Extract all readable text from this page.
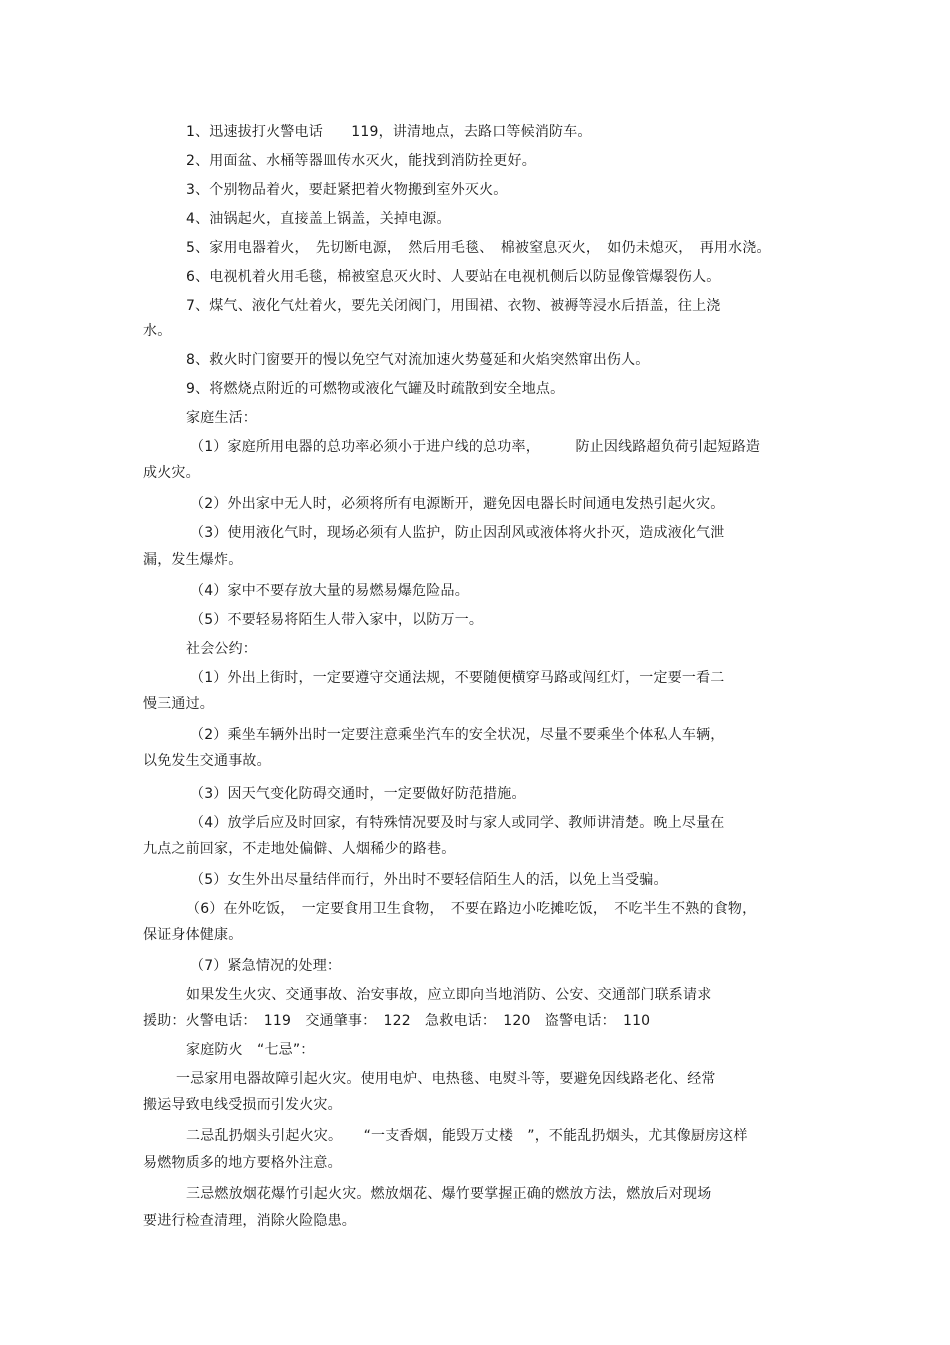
1、迅速拔打火警电话　　119，讲清地点，去路口等候消防车。
2、用面盆、水桶等器皿传水灭火，能找到消防拴更好。
3、个别物品着火，要赶紧把着火物搬到室外灭火。
4、油锅起火，直接盖上锅盖，关掉电源。
5、家用电器着火，　先切断电源，　然后用毛毯、　棉被窒息灭火，　如仍未熄灭，　再用水浇。
6、电视机着火用毛毯，棉被窒息灭火时、人要站在电视机侧后以防显像管爆裂伤人。
7、煤气、液化气灶着火，要先关闭阀门，用围裙、衣物、被褥等浸水后捂盖，往上浇
水。
8、救火时门窗要开的慢以免空气对流加速火势蔓延和火焰突然窜出伤人。
9、将燃烧点附近的可燃物或液化气罐及时疏散到安全地点。
家庭生活：
（1）家庭所用电器的总功率必须小于进户线的总功率，　　　防止因线路超负荷引起短路造
成火灾。
（2）外出家中无人时，必须将所有电源断开，避免因电器长时间通电发热引起火灾。
（3）使用液化气时，现场必须有人监护，防止因刮风或液体将火扑灭，造成液化气泄
漏，发生爆炸。
（4）家中不要存放大量的易燃易爆危险品。
（5）不要轻易将陌生人带入家中，以防万一。
社会公约：
（1）外出上街时，一定要遵守交通法规，不要随便横穿马路或闯红灯，一定要一看二
慢三通过。
（2）乘坐车辆外出时一定要注意乘坐汽车的安全状况，尽量不要乘坐个体私人车辆，
以免发生交通事故。
（3）因天气变化防碍交通时，一定要做好防范措施。
（4）放学后应及时回家，有特殊情况要及时与家人或同学、教师讲清楚。晚上尽量在
九点之前回家，不走地处偏僻、人烟稀少的路巷。
（5）女生外出尽量结伴而行，外出时不要轻信陌生人的活，以免上当受骗。
（6）在外吃饭，　一定要食用卫生食物，　不要在路边小吃摊吃饭，　不吃半生不熟的食物，
保证身体健康。
（7）紧急情况的处理：
如果发生火灾、交通事故、治安事故，应立即向当地消防、公安、交通部门联系请求
援助：火警电话：　119　交通肇事：　122　急救电话：　120　盗警电话：　110
家庭防火　“七忌”：
一忌家用电器故障引起火灾。使用电炉、电热毯、电熨斗等，要避免因线路老化、经常
搬运导致电线受损而引发火灾。
二忌乱扔烟头引起火灾。　　“一支香烟，能毁万丈楼　”，不能乱扔烟头，尤其像厨房这样
易燃物质多的地方要格外注意。
三忌燃放烟花爆竹引起火灾。燃放烟花、爆竹要掌握正确的燃放方法，燃放后对现场
要进行检查清理，消除火险隐患。
